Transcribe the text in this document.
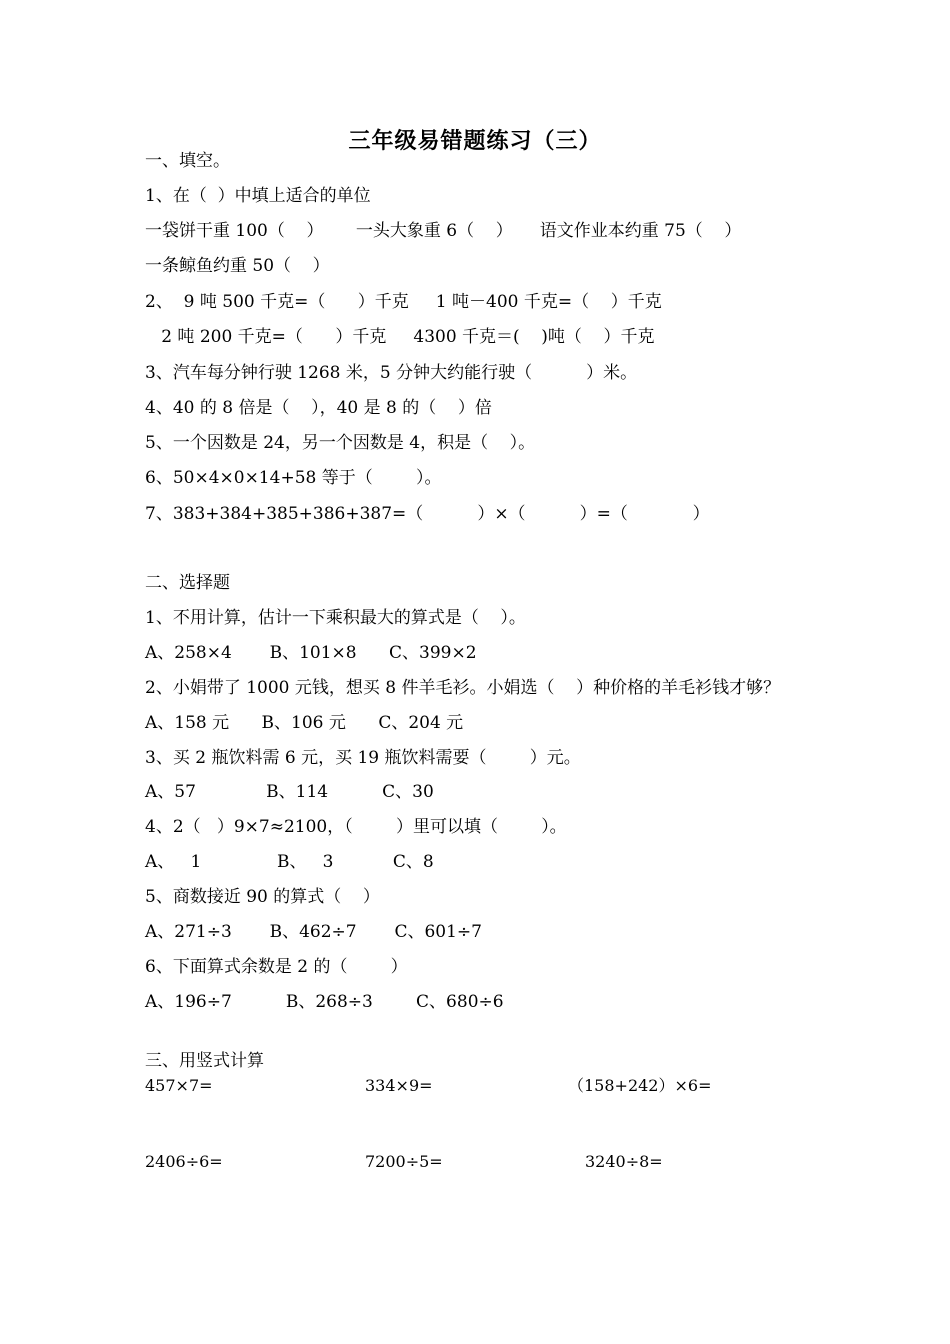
三年级易错题练习（三）
一、填空。
1、在（  ）中填上适合的单位
一袋饼干重 100（    ）      一头大象重 6（    ）     语文作业本约重 75（    ）
一条鲸鱼约重 50（    ）
2、  9 吨 500 千克=（      ）千克     1 吨－400 千克=（    ）千克
2 吨 200 千克=（      ）千克     4300 千克＝(    )吨（    ）千克
3、汽车每分钟行驶 1268 米，5 分钟大约能行驶（          ）米。
4、40 的 8 倍是（    ），40 是 8 的（    ）倍
5、一个因数是 24，另一个因数是 4，积是（    ）。
6、50×4×0×14+58 等于（        ）。
7、383+384+385+386+387=（          ）×（          ）=（            ）
二、选择题
1、不用计算，估计一下乘积最大的算式是（    ）。
A、258×4       B、101×8      C、399×2
2、小娟带了 1000 元钱，想买 8 件羊毛衫。小娟选（    ）种价格的羊毛衫钱才够？
A、158 元      B、106 元      C、204 元
3、买 2 瓶饮料需 6 元，买 19 瓶饮料需要（        ）元。
A、57             B、114          C、30
4、2（   ）9×7≈2100，（        ）里可以填（        ）。
A、   1              B、   3           C、8
5、商数接近 90 的算式（    ）
A、271÷3       B、462÷7       C、601÷7
6、下面算式余数是 2 的（        ）
A、196÷7          B、268÷3        C、680÷6
三、用竖式计算
457×7=	334×9=	（158+242）×6=
2406÷6=	7200÷5=	3240÷8=
